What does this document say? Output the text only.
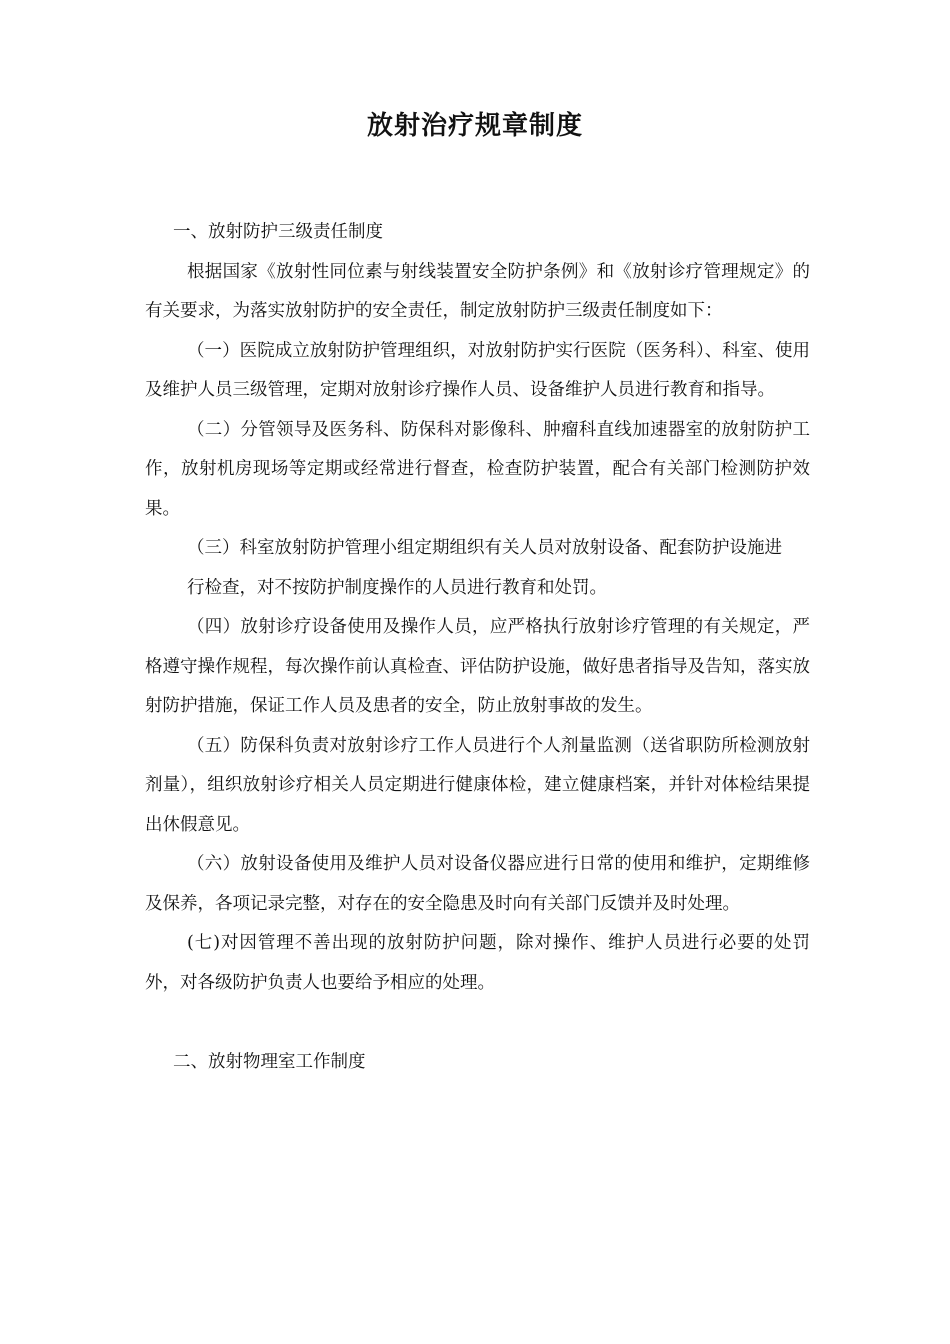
放射治疗规章制度

一、放射防护三级责任制度

根据国家《放射性同位素与射线装置安全防护条例》和《放射诊疗管理规定》的有关要求，为落实放射防护的安全责任，制定放射防护三级责任制度如下：

（一）医院成立放射防护管理组织，对放射防护实行医院（医务科）、科室、使用及维护人员三级管理，定期对放射诊疗操作人员、设备维护人员进行教育和指导。

（二）分管领导及医务科、防保科对影像科、肿瘤科直线加速器室的放射防护工作，放射机房现场等定期或经常进行督查，检查防护装置，配合有关部门检测防护效果。

（三）科室放射防护管理小组定期组织有关人员对放射设备、配套防护设施进

行检查，对不按防护制度操作的人员进行教育和处罚。

（四）放射诊疗设备使用及操作人员，应严格执行放射诊疗管理的有关规定，严格遵守操作规程，每次操作前认真检查、评估防护设施，做好患者指导及告知，落实放射防护措施，保证工作人员及患者的安全，防止放射事故的发生。

（五）防保科负责对放射诊疗工作人员进行个人剂量监测（送省职防所检测放射剂量），组织放射诊疗相关人员定期进行健康体检，建立健康档案，并针对体检结果提出休假意见。

（六）放射设备使用及维护人员对设备仪器应进行日常的使用和维护，定期维修及保养，各项记录完整，对存在的安全隐患及时向有关部门反馈并及时处理。

(七)对因管理不善出现的放射防护问题，除对操作、维护人员进行必要的处罚外，对各级防护负责人也要给予相应的处理。

二、放射物理室工作制度
